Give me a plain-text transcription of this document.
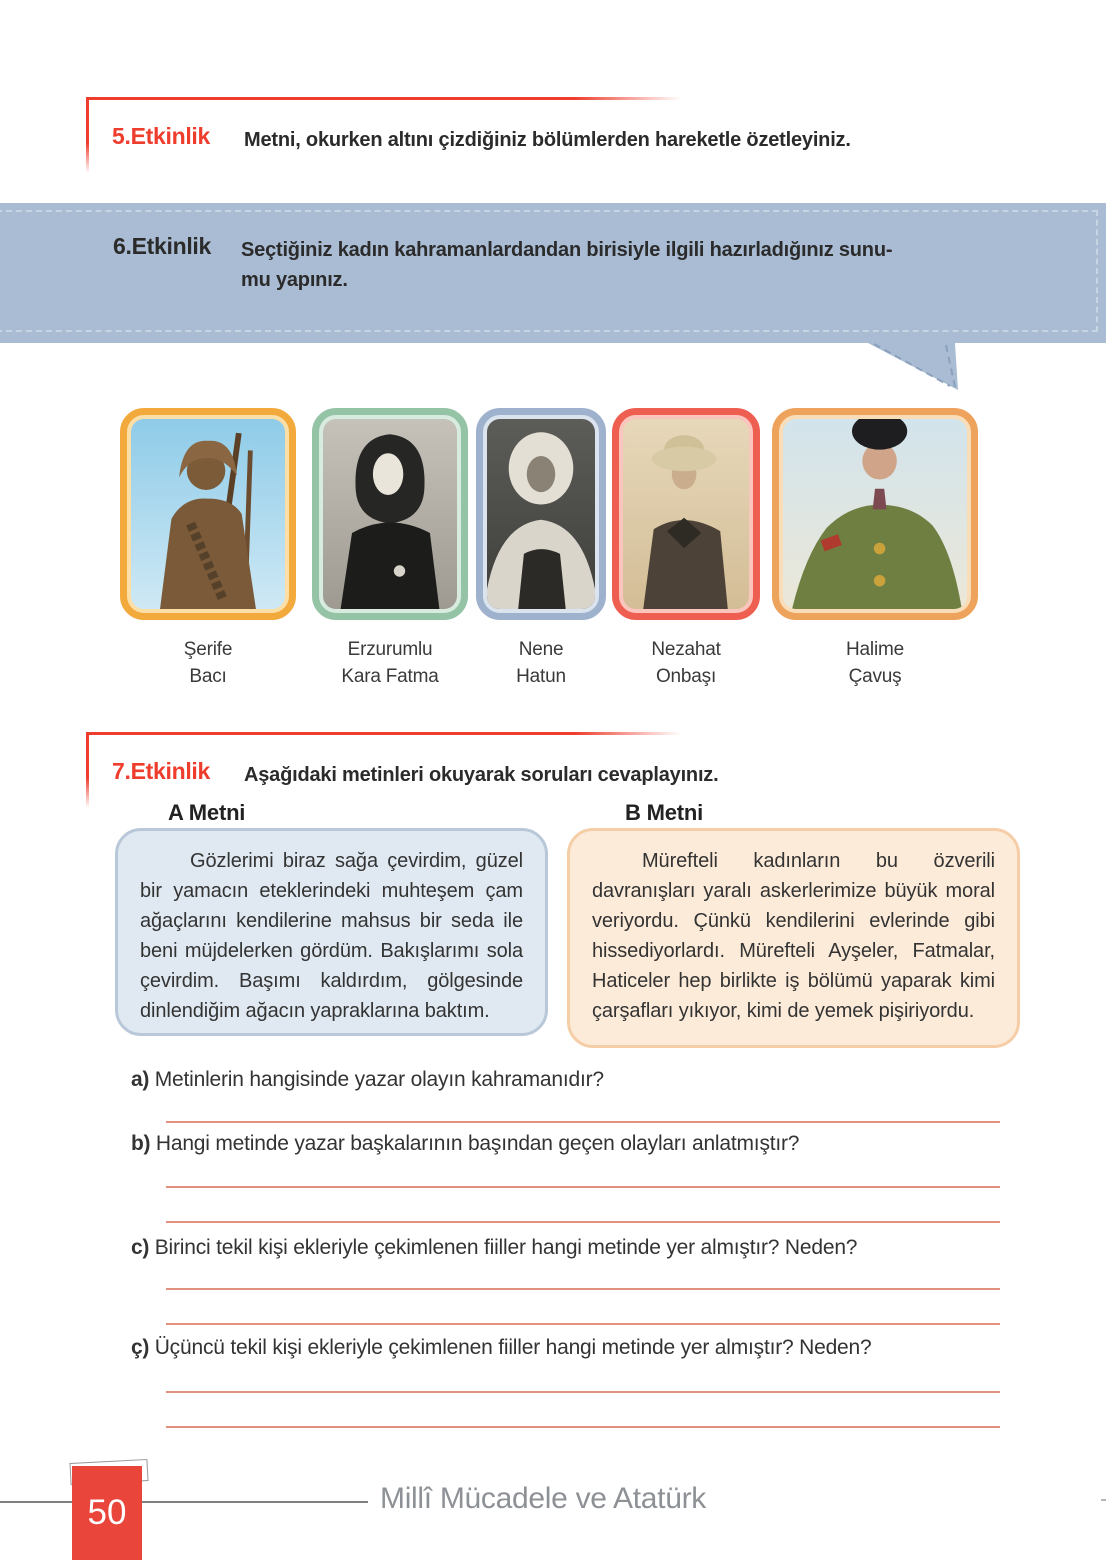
5.Etkinlik Metni, okurken altını çizdiğiniz bölümlerden hareketle özetleyiniz.
6.Etkinlik Seçtiğiniz kadın kahramanlardandan birisiyle ilgili hazırladığınız sunu-
mu yapınız.
Şerife
Bacı
Erzurumlu
Kara Fatma
Nene
Hatun
Nezahat
Onbaşı
Halime
Çavuş
7.Etkinlik Aşağıdaki metinleri okuyarak soruları cevaplayınız.
A Metni	B Metni

Gözlerimi biraz sağa çevirdim, güzel bir yamacın eteklerindeki muhteşem çam ağaçlarını kendilerine mahsus bir seda ile beni müjdelerken gördüm. Bakışlarımı sola çevirdim. Başımı kaldırdım, gölgesinde dinlendiğim ağacın yapraklarına baktım.

Mürefteli kadınların bu özverili davranışları yaralı askerlerimize büyük moral veriyordu. Çünkü kendilerini evlerinde gibi hissediyorlardı. Mürefteli Ayşeler, Fatmalar, Haticeler hep birlikte iş bölümü yaparak kimi çarşafları yıkıyor, kimi de yemek pişiriyordu.

a) Metinlerin hangisinde yazar olayın kahramanıdır?
b) Hangi metinde yazar başkalarının başından geçen olayları anlatmıştır?
c) Birinci tekil kişi ekleriyle çekimlenen fiiller hangi metinde yer almıştır? Neden?
ç) Üçüncü tekil kişi ekleriyle çekimlenen fiiller hangi metinde yer almıştır? Neden?
50	Millî Mücadele ve Atatürk
